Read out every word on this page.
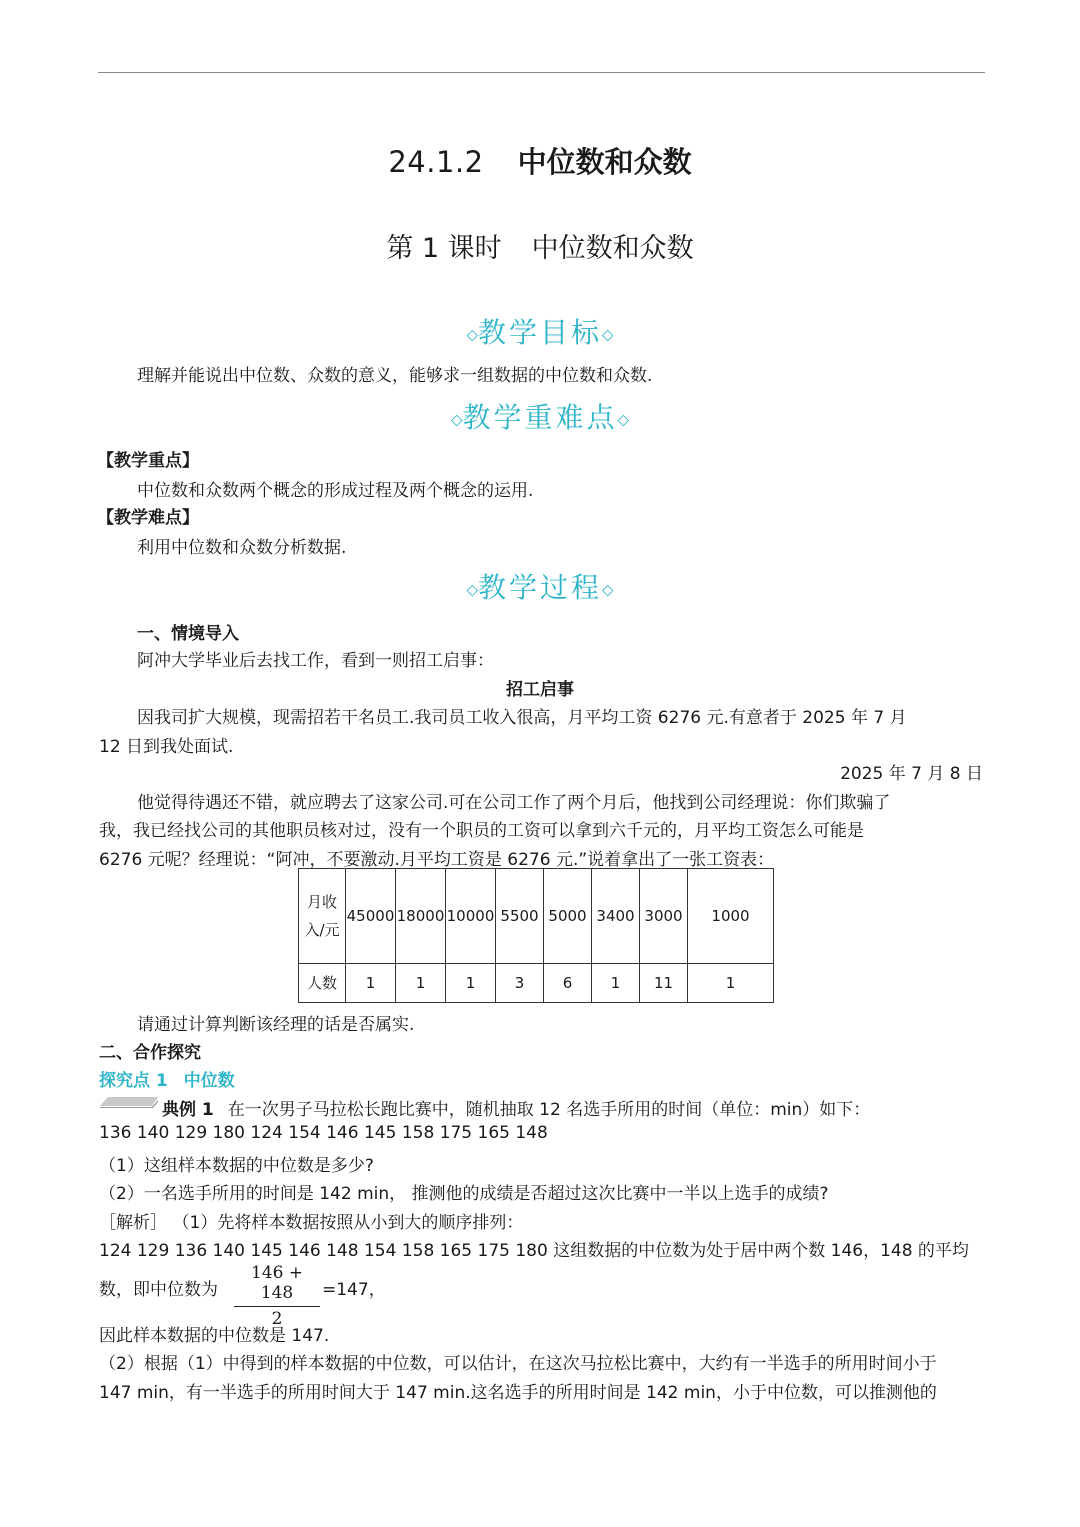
24.1.2 中位数和众数
第 1 课时 中位数和众数
◇教学目标◇
理解并能说出中位数、众数的意义，能够求一组数据的中位数和众数.
◇教学重难点◇
【教学重点】
中位数和众数两个概念的形成过程及两个概念的运用.
【教学难点】
利用中位数和众数分析数据.
◇教学过程◇
一、情境导入
阿冲大学毕业后去找工作，看到一则招工启事：
招工启事
因我司扩大规模，现需招若干名员工.我司员工收入很高，月平均工资 6276 元.有意者于 2025 年 7 月
12 日到我处面试.
2025 年 7 月 8 日
他觉得待遇还不错，就应聘去了这家公司.可在公司工作了两个月后，他找到公司经理说：你们欺骗了
我，我已经找公司的其他职员核对过，没有一个职员的工资可以拿到六千元的，月平均工资怎么可能是
6276 元呢？经理说：“阿冲，不要激动.月平均工资是 6276 元.”说着拿出了一张工资表：
月收入/元	45000	18000	10000	5500	5000	3400	3000	1000
人数	1	1	1	3	6	1	11	1
请通过计算判断该经理的话是否属实.
二、合作探究
探究点 1 中位数
典例 1 在一次男子马拉松长跑比赛中，随机抽取 12 名选手所用的时间（单位：min）如下：
136 140 129 180 124 154 146 145 158 175 165 148
（1）这组样本数据的中位数是多少?
（2）一名选手所用的时间是 142 min， 推测他的成绩是否超过这次比赛中一半以上选手的成绩?
［解析］ （1）先将样本数据按照从小到大的顺序排列：
124 129 136 140 145 146 148 154 158 165 175 180 这组数据的中位数为处于居中两个数 146，148 的平均
数，即中位数为
146 + 148
2
=147，
因此样本数据的中位数是 147.
（2）根据（1）中得到的样本数据的中位数，可以估计，在这次马拉松比赛中，大约有一半选手的所用时间小于
147 min，有一半选手的所用时间大于 147 min.这名选手的所用时间是 142 min，小于中位数，可以推测他的
